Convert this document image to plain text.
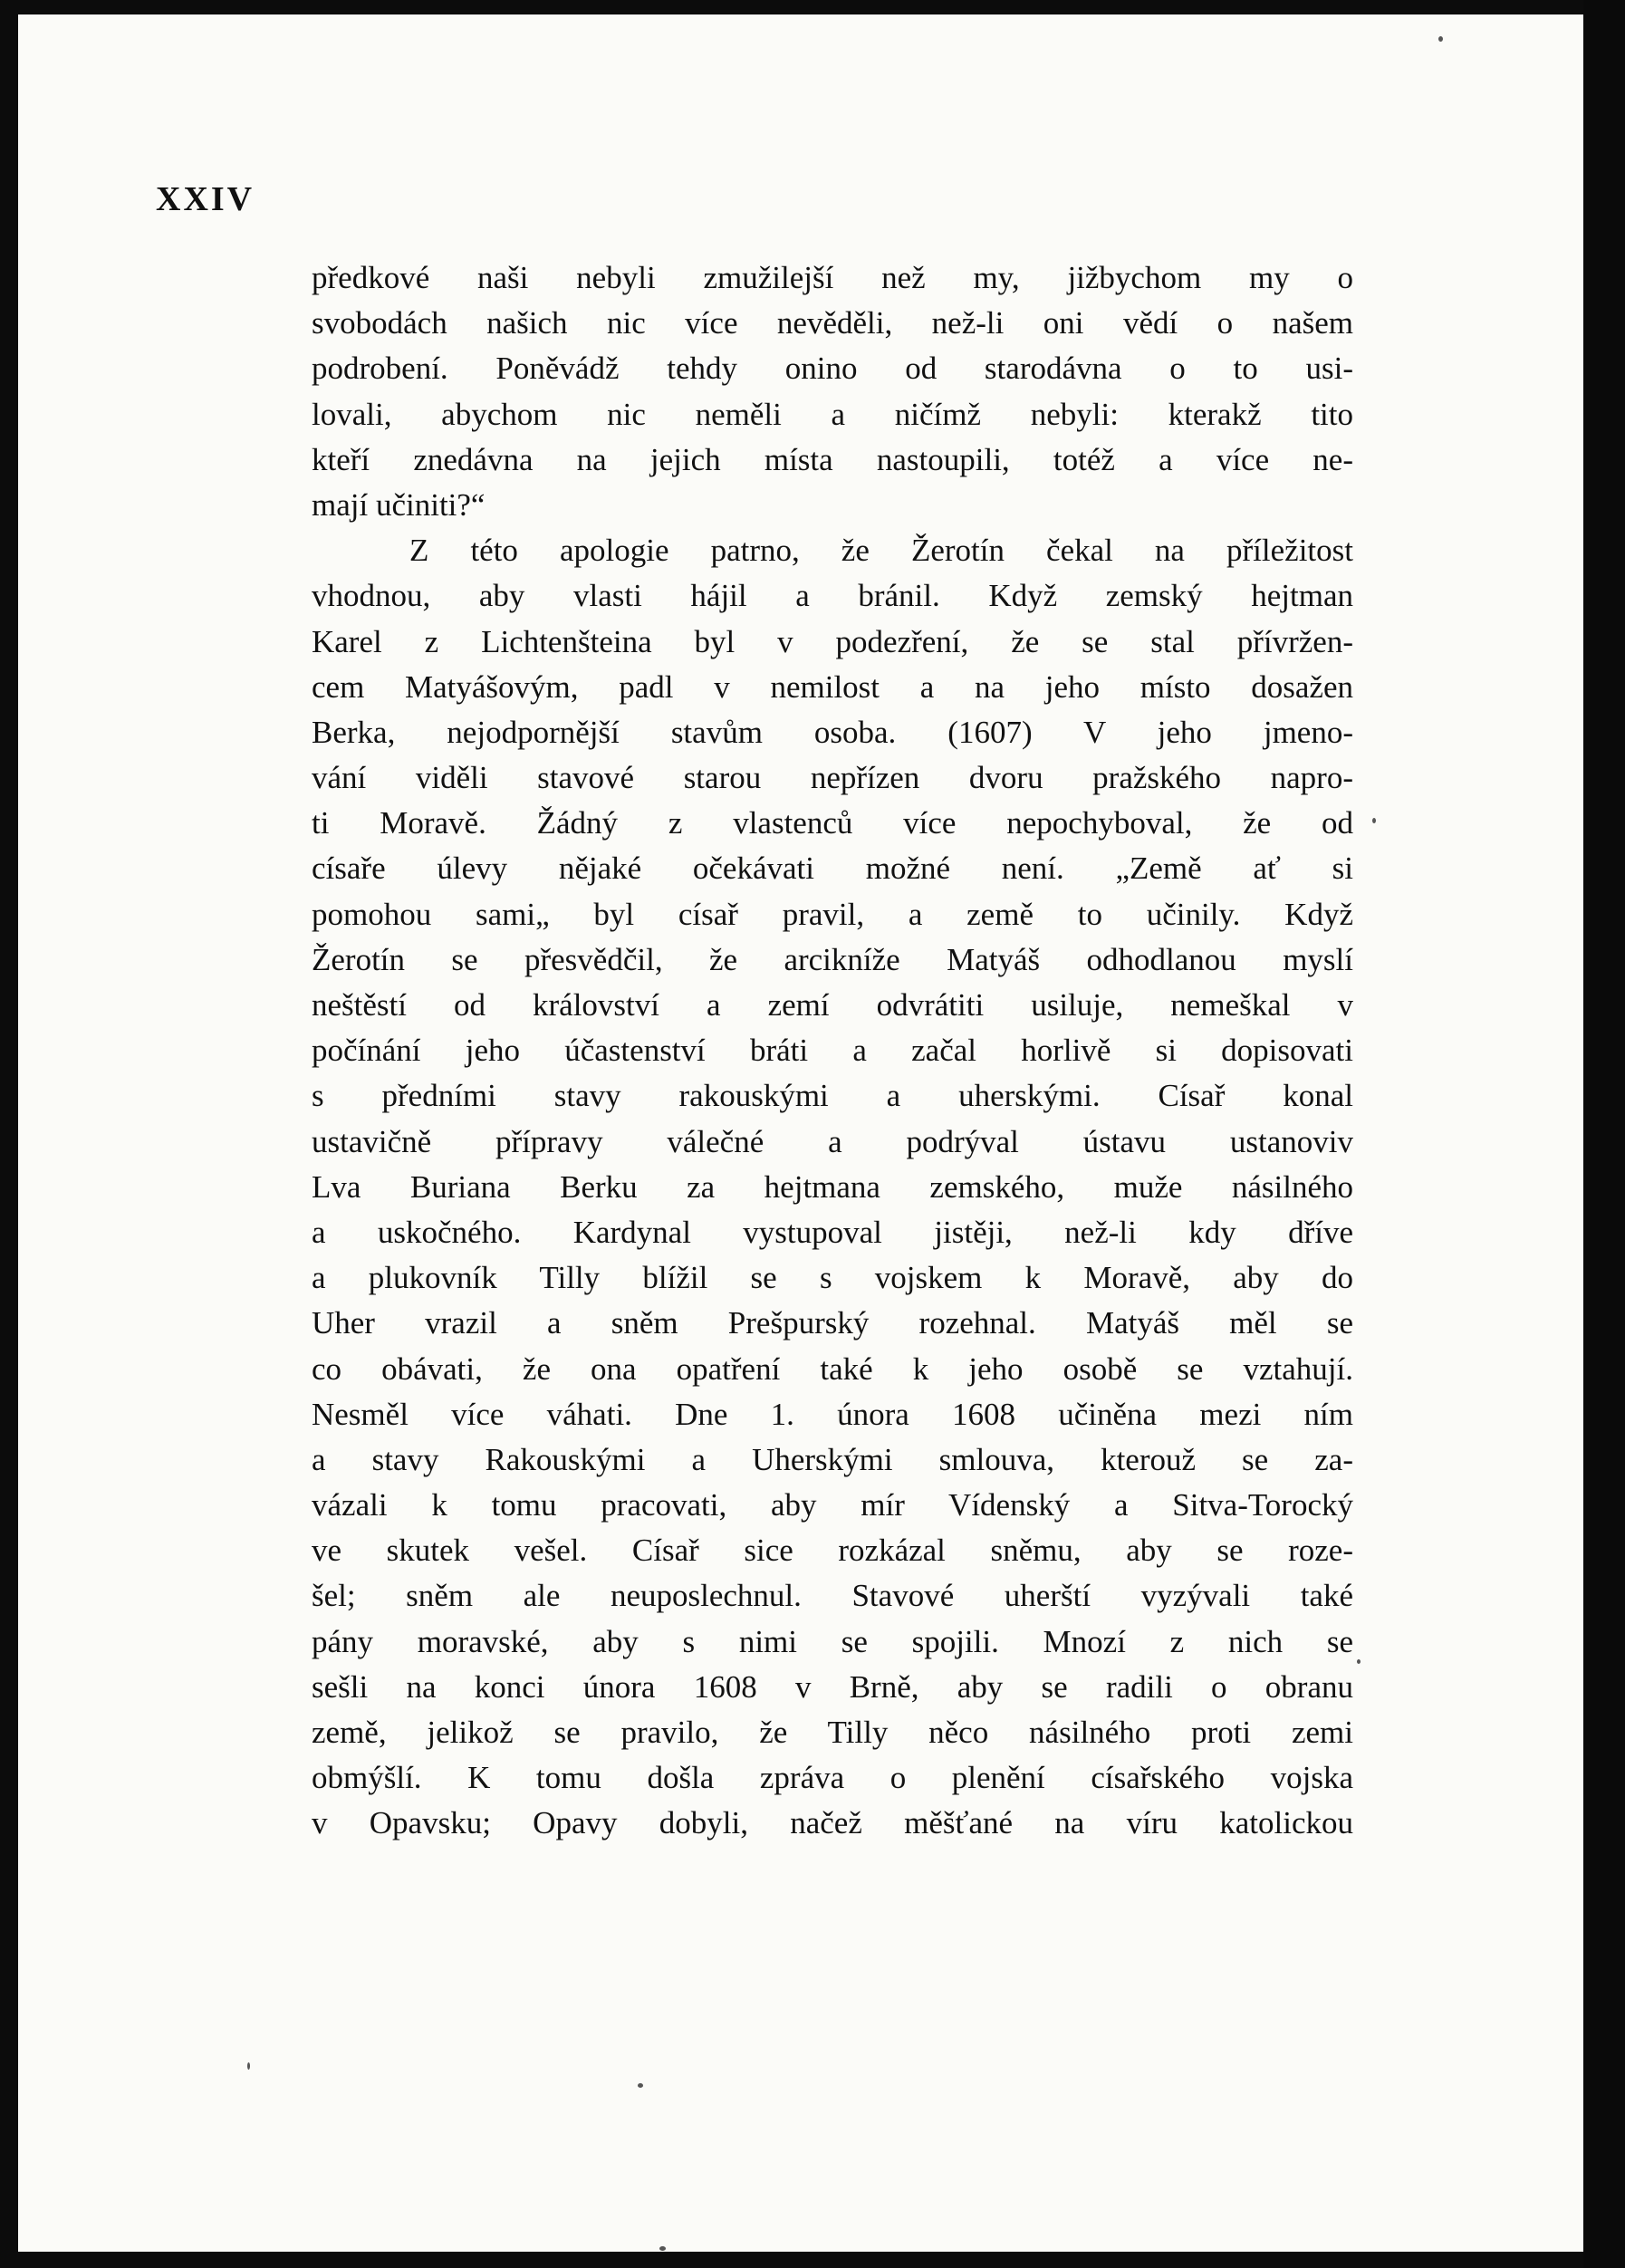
XXIV
předkové naši nebyli zmužilejší než my, jižbychom my o
svobodách našich nic více nevěděli, než-li oni vědí o našem
podrobení. Poněvádž tehdy onino od starodávna o to usi-
lovali, abychom nic neměli a ničímž nebyli: kterakž tito
kteří znedávna na jejich místa nastoupili, totéž a více ne-
mají učiniti?“
Z této apologie patrno, že Žerotín čekal na příležitost
vhodnou, aby vlasti hájil a bránil. Když zemský hejtman
Karel z Lichtenšteina byl v podezření, že se stal přívržen-
cem Matyášovým, padl v nemilost a na jeho místo dosažen
Berka, nejodpornější stavům osoba. (1607) V jeho jmeno-
vání viděli stavové starou nepřízen dvoru pražského napro-
ti Moravě. Žádný z vlastenců více nepochyboval, že od
císaře úlevy nějaké očekávati možné není. „Země ať si
pomohou sami„ byl císař pravil, a země to učinily. Když
Žerotín se přesvědčil, že arcikníže Matyáš odhodlanou myslí
neštěstí od království a zemí odvrátiti usiluje, nemeškal v
počínání jeho účastenství bráti a začal horlivě si dopisovati
s předními stavy rakouskými a uherskými. Císař konal
ustavičně přípravy válečné a podrýval ústavu ustanoviv
Lva Buriana Berku za hejtmana zemského, muže násilného
a uskočného. Kardynal vystupoval jistěji, než-li kdy dříve
a plukovník Tilly blížil se s vojskem k Moravě, aby do
Uher vrazil a sněm Prešpurský rozehnal. Matyáš měl se
co obávati, že ona opatření také k jeho osobě se vztahují.
Nesměl více váhati. Dne 1. února 1608 učiněna mezi ním
a stavy Rakouskými a Uherskými smlouva, kterouž se za-
vázali k tomu pracovati, aby mír Vídenský a Sitva-Torocký
ve skutek vešel. Císař sice rozkázal sněmu, aby se roze-
šel; sněm ale neuposlechnul. Stavové uherští vyzývali také
pány moravské, aby s nimi se spojili. Mnozí z nich se
sešli na konci února 1608 v Brně, aby se radili o obranu
země, jelikož se pravilo, že Tilly něco násilného proti zemi
obmýšlí. K tomu došla zpráva o plenění císařského vojska
v Opavsku; Opavy dobyli, načež měšťané na víru katolickou
